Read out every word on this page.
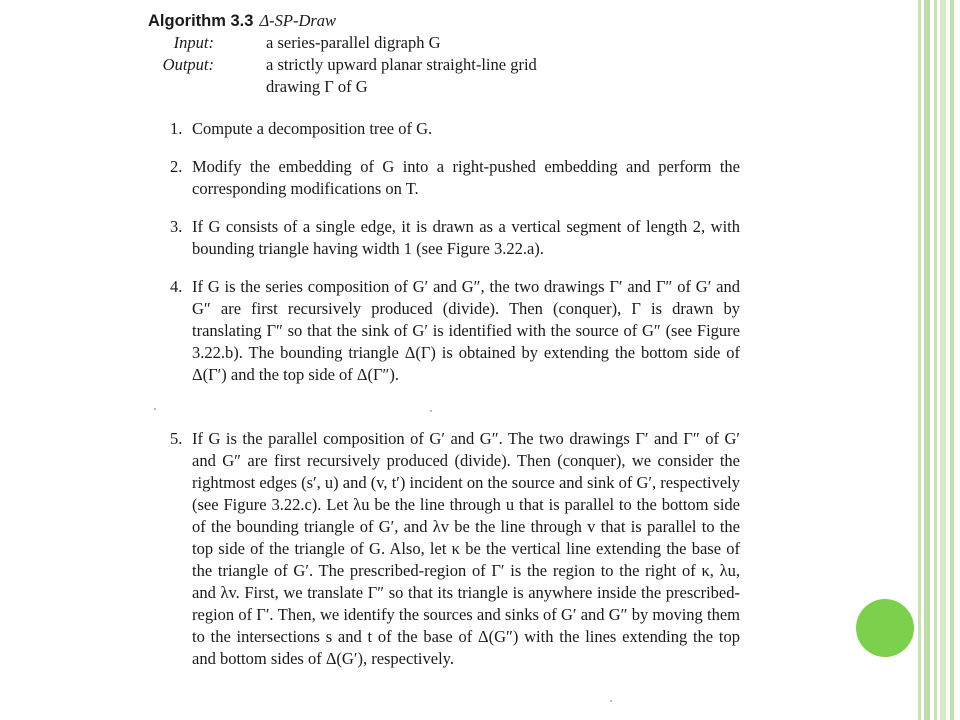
Algorithm 3.3 Δ-SP-Draw
Input:	a series-parallel digraph G
Output:	a strictly upward planar straight-line grid
drawing Γ of G
1. Compute a decomposition tree of G.
2. Modify the embedding of G into a right-pushed embedding and perform the corresponding modifications on T.
3. If G consists of a single edge, it is drawn as a vertical segment of length 2, with bounding triangle having width 1 (see Figure 3.22.a).
4. If G is the series composition of G′ and G″, the two drawings Γ′ and Γ″ of G′ and G″ are first recursively produced (divide). Then (conquer), Γ is drawn by translating Γ″ so that the sink of G′ is identified with the source of G″ (see Figure 3.22.b). The bounding triangle Δ(Γ) is obtained by extending the bottom side of Δ(Γ′) and the top side of Δ(Γ″).
5. If G is the parallel composition of G′ and G″. The two drawings Γ′ and Γ″ of G′ and G″ are first recursively produced (divide). Then (conquer), we consider the rightmost edges (s′, u) and (v, t′) incident on the source and sink of G′, respectively (see Figure 3.22.c). Let λu be the line through u that is parallel to the bottom side of the bounding triangle of G′, and λv be the line through v that is parallel to the top side of the triangle of G. Also, let κ be the vertical line extending the base of the triangle of G′. The prescribed-region of Γ′ is the region to the right of κ, λu, and λv. First, we translate Γ″ so that its triangle is anywhere inside the prescribed-region of Γ′. Then, we identify the sources and sinks of G′ and G″ by moving them to the intersections s and t of the base of Δ(G″) with the lines extending the top and bottom sides of Δ(G′), respectively.
